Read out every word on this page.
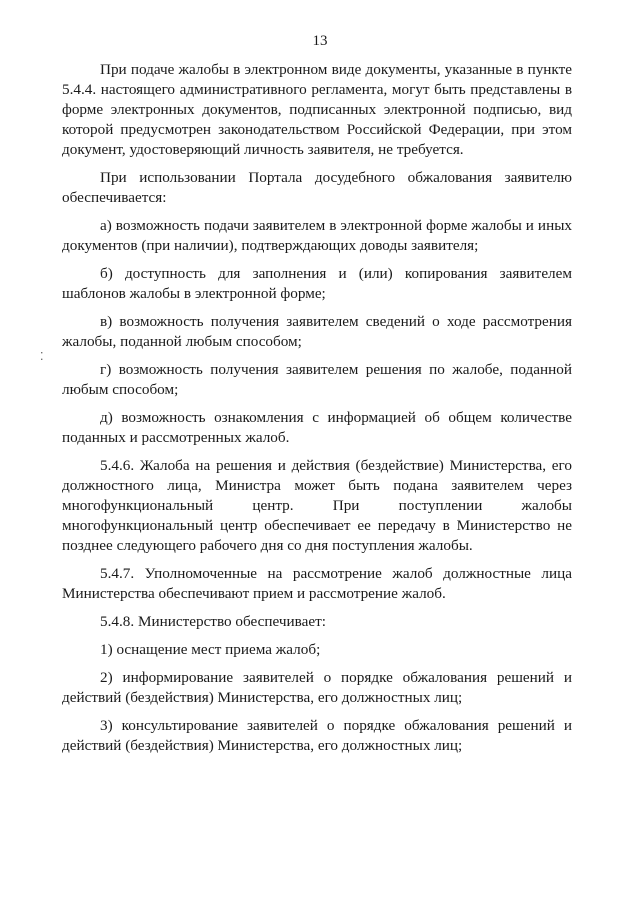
13

При подаче жалобы в электронном виде документы, указанные в пункте 5.4.4. настоящего административного регламента, могут быть представлены в форме электронных документов, подписанных электронной подписью, вид которой предусмотрен законодательством Российской Федерации, при этом документ, удостоверяющий личность заявителя, не требуется.

При использовании Портала досудебного обжалования заявителю обеспечивается:

а) возможность подачи заявителем в электронной форме жалобы и иных документов (при наличии), подтверждающих доводы заявителя;

б) доступность для заполнения и (или) копирования заявителем шаблонов жалобы в электронной форме;

в) возможность получения заявителем сведений о ходе рассмотрения жалобы, поданной любым способом;

г) возможность получения заявителем решения по жалобе, поданной любым способом;

д) возможность ознакомления с информацией об общем количестве поданных и рассмотренных жалоб.

5.4.6. Жалоба на решения и действия (бездействие) Министерства, его должностного лица, Министра может быть подана заявителем через многофункциональный центр. При поступлении жалобы многофункциональный центр обеспечивает ее передачу в Министерство не позднее следующего рабочего дня со дня поступления жалобы.

5.4.7. Уполномоченные на рассмотрение жалоб должностные лица Министерства обеспечивают прием и рассмотрение жалоб.

5.4.8. Министерство обеспечивает:

1) оснащение мест приема жалоб;

2) информирование заявителей о порядке обжалования решений и действий (бездействия) Министерства, его должностных лиц;

3) консультирование заявителей о порядке обжалования решений и действий (бездействия) Министерства, его должностных лиц;

⁚
